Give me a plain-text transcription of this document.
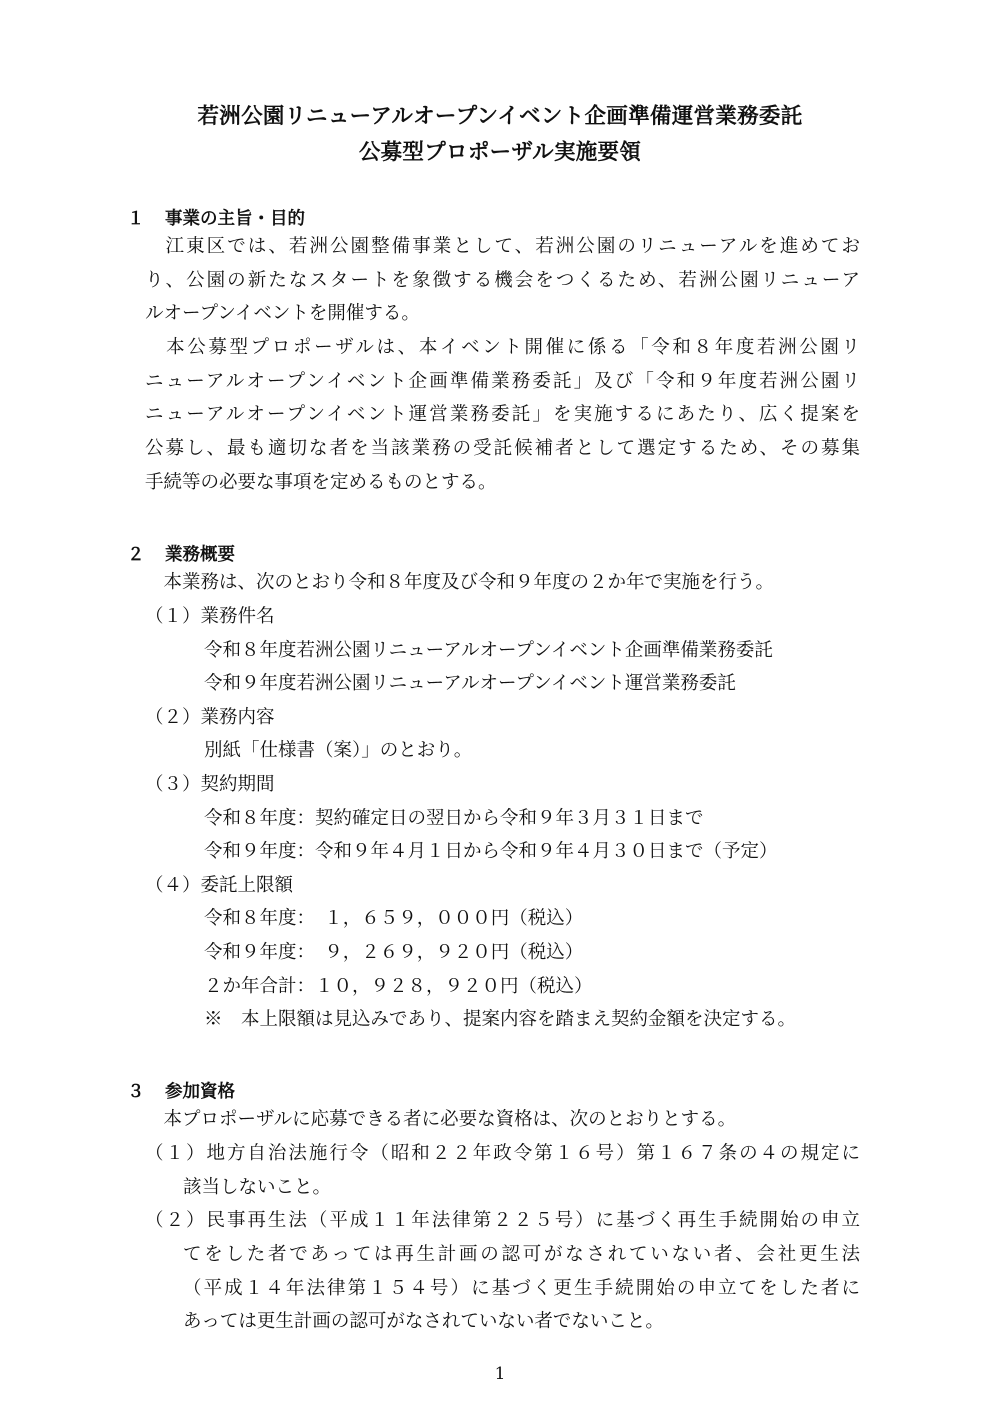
若洲公園リニューアルオープンイベント企画準備運営業務委託
公募型プロポーザル実施要領
１ 事業の主旨・目的
　江東区では、若洲公園整備事業として、若洲公園のリニューアルを進めてお
り、公園の新たなスタートを象徴する機会をつくるため、若洲公園リニューア
ルオープンイベントを開催する。
　本公募型プロポーザルは、本イベント開催に係る「令和８年度若洲公園リ
ニューアルオープンイベント企画準備業務委託」及び「令和９年度若洲公園リ
ニューアルオープンイベント運営業務委託」を実施するにあたり、広く提案を
公募し、最も適切な者を当該業務の受託候補者として選定するため、その募集
手続等の必要な事項を定めるものとする。
２ 業務概要
　本業務は、次のとおり令和８年度及び令和９年度の２か年で実施を行う。
（１）業務件名
令和８年度若洲公園リニューアルオープンイベント企画準備業務委託
令和９年度若洲公園リニューアルオープンイベント運営業務委託
（２）業務内容
別紙「仕様書（案）」のとおり。
（３）契約期間
令和８年度：契約確定日の翌日から令和９年３月３１日まで
令和９年度：令和９年４月１日から令和９年４月３０日まで（予定）
（４）委託上限額
令和８年度：　１，６５９，０００円（税込）
令和９年度：　９，２６９，９２０円（税込）
２か年合計：１０，９２８，９２０円（税込）
※　本上限額は見込みであり、提案内容を踏まえ契約金額を決定する。
３ 参加資格
　本プロポーザルに応募できる者に必要な資格は、次のとおりとする。
（１）地方自治法施行令（昭和２２年政令第１６号）第１６７条の４の規定に
該当しないこと。
（２）民事再生法（平成１１年法律第２２５号）に基づく再生手続開始の申立
てをした者であっては再生計画の認可がなされていない者、会社更生法
（平成１４年法律第１５４号）に基づく更生手続開始の申立てをした者に
あっては更生計画の認可がなされていない者でないこと。
1
